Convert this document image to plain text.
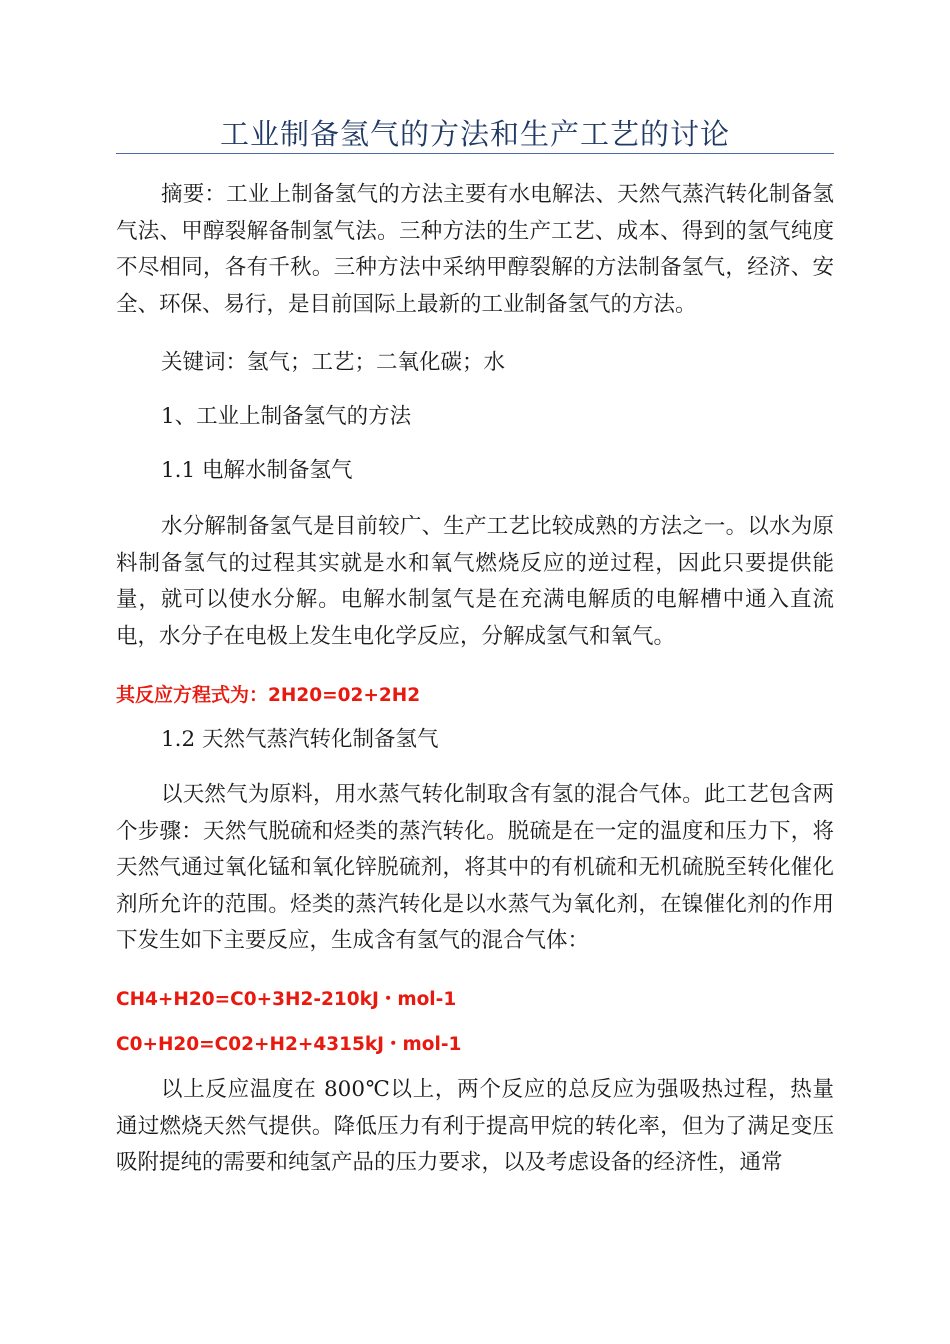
工业制备氢气的方法和生产工艺的讨论

摘要：工业上制备氢气的方法主要有水电解法、天然气蒸汽转化制备氢气法、甲醇裂解备制氢气法。三种方法的生产工艺、成本、得到的氢气纯度不尽相同，各有千秋。三种方法中采纳甲醇裂解的方法制备氢气，经济、安全、环保、易行，是目前国际上最新的工业制备氢气的方法。

关键词：氢气；工艺；二氧化碳；水

1、工业上制备氢气的方法

1.1 电解水制备氢气

水分解制备氢气是目前较广、生产工艺比较成熟的方法之一。以水为原料制备氢气的过程其实就是水和氧气燃烧反应的逆过程，因此只要提供能量，就可以使水分解。电解水制氢气是在充满电解质的电解槽中通入直流电，水分子在电极上发生电化学反应，分解成氢气和氧气。

其反应方程式为：2H20=02+2H2

1.2 天然气蒸汽转化制备氢气

以天然气为原料，用水蒸气转化制取含有氢的混合气体。此工艺包含两个步骤：天然气脱硫和烃类的蒸汽转化。脱硫是在一定的温度和压力下，将天然气通过氧化锰和氧化锌脱硫剂，将其中的有机硫和无机硫脱至转化催化剂所允许的范围。烃类的蒸汽转化是以水蒸气为氧化剂，在镍催化剂的作用下发生如下主要反应，生成含有氢气的混合气体：

CH4+H20=C0+3H2-210kJ・mol-1

C0+H20=C02+H2+4315kJ・mol-1

以上反应温度在 800℃以上，两个反应的总反应为强吸热过程，热量通过燃烧天然气提供。降低压力有利于提高甲烷的转化率，但为了满足变压吸附提纯的需要和纯氢产品的压力要求，以及考虑设备的经济性，通常
